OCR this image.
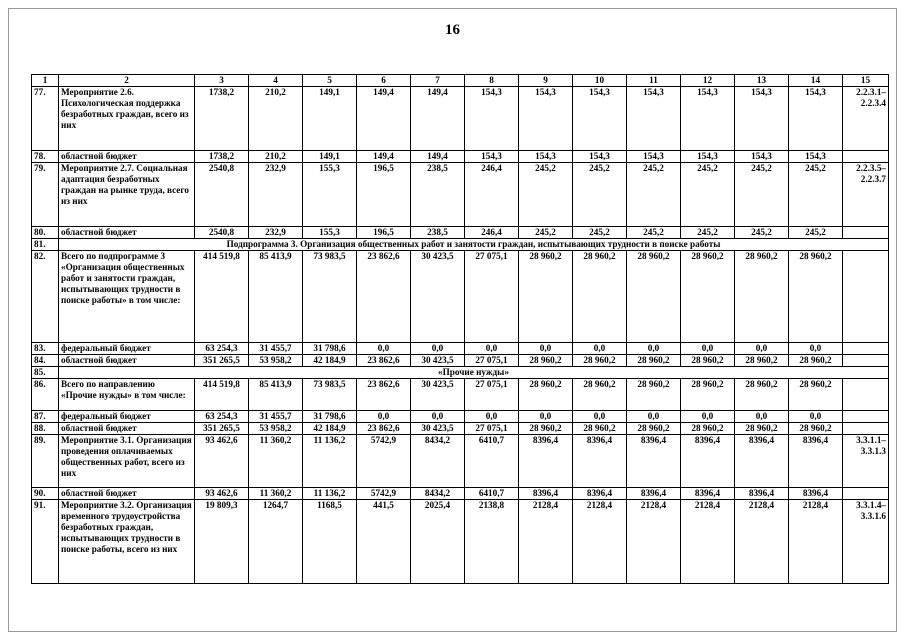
16
1	2	3	4	5	6	7	8	9	10	11	12	13	14	15
77.	Мероприятие 2.6. Психологическая поддержка безработных граждан, всего из них	1738,2	210,2	149,1	149,4	149,4	154,3	154,3	154,3	154,3	154,3	154,3	154,3	2.2.3.1– 2.2.3.4
78.	областной бюджет	1738,2	210,2	149,1	149,4	149,4	154,3	154,3	154,3	154,3	154,3	154,3	154,3	
79.	Мероприятие 2.7. Социальная адаптация безработных граждан на рынке труда, всего из них	2540,8	232,9	155,3	196,5	238,5	246,4	245,2	245,2	245,2	245,2	245,2	245,2	2.2.3.5– 2.2.3.7
80.	областной бюджет	2540,8	232,9	155,3	196,5	238,5	246,4	245,2	245,2	245,2	245,2	245,2	245,2	
81.	Подпрограмма 3. Организация общественных работ и занятости граждан, испытывающих трудности в поиске работы													
82.	Всего по подпрограмме 3 «Организация общественных работ и занятости граждан, испытывающих трудности в поиске работы» в том числе:	414 519,8	85 413,9	73 983,5	23 862,6	30 423,5	27 075,1	28 960,2	28 960,2	28 960,2	28 960,2	28 960,2	28 960,2	
83.	федеральный бюджет	63 254,3	31 455,7	31 798,6	0,0	0,0	0,0	0,0	0,0	0,0	0,0	0,0	0,0	
84.	областной бюджет	351 265,5	53 958,2	42 184,9	23 862,6	30 423,5	27 075,1	28 960,2	28 960,2	28 960,2	28 960,2	28 960,2	28 960,2	
85.	«Прочие нужды»													
86.	Всего по направлению «Прочие нужды» в том числе:	414 519,8	85 413,9	73 983,5	23 862,6	30 423,5	27 075,1	28 960,2	28 960,2	28 960,2	28 960,2	28 960,2	28 960,2	
87.	федеральный бюджет	63 254,3	31 455,7	31 798,6	0,0	0,0	0,0	0,0	0,0	0,0	0,0	0,0	0,0	
88.	областной бюджет	351 265,5	53 958,2	42 184,9	23 862,6	30 423,5	27 075,1	28 960,2	28 960,2	28 960,2	28 960,2	28 960,2	28 960,2	
89.	Мероприятие 3.1. Организация проведения оплачиваемых общественных работ, всего из них	93 462,6	11 360,2	11 136,2	5742,9	8434,2	6410,7	8396,4	8396,4	8396,4	8396,4	8396,4	8396,4	3.3.1.1– 3.3.1.3
90.	областной бюджет	93 462,6	11 360,2	11 136,2	5742,9	8434,2	6410,7	8396,4	8396,4	8396,4	8396,4	8396,4	8396,4	
91.	Мероприятие 3.2. Организация временного трудоустройства безработных граждан, испытывающих трудности в поиске работы, всего из них	19 809,3	1264,7	1168,5	441,5	2025,4	2138,8	2128,4	2128,4	2128,4	2128,4	2128,4	2128,4	3.3.1.4– 3.3.1.6
